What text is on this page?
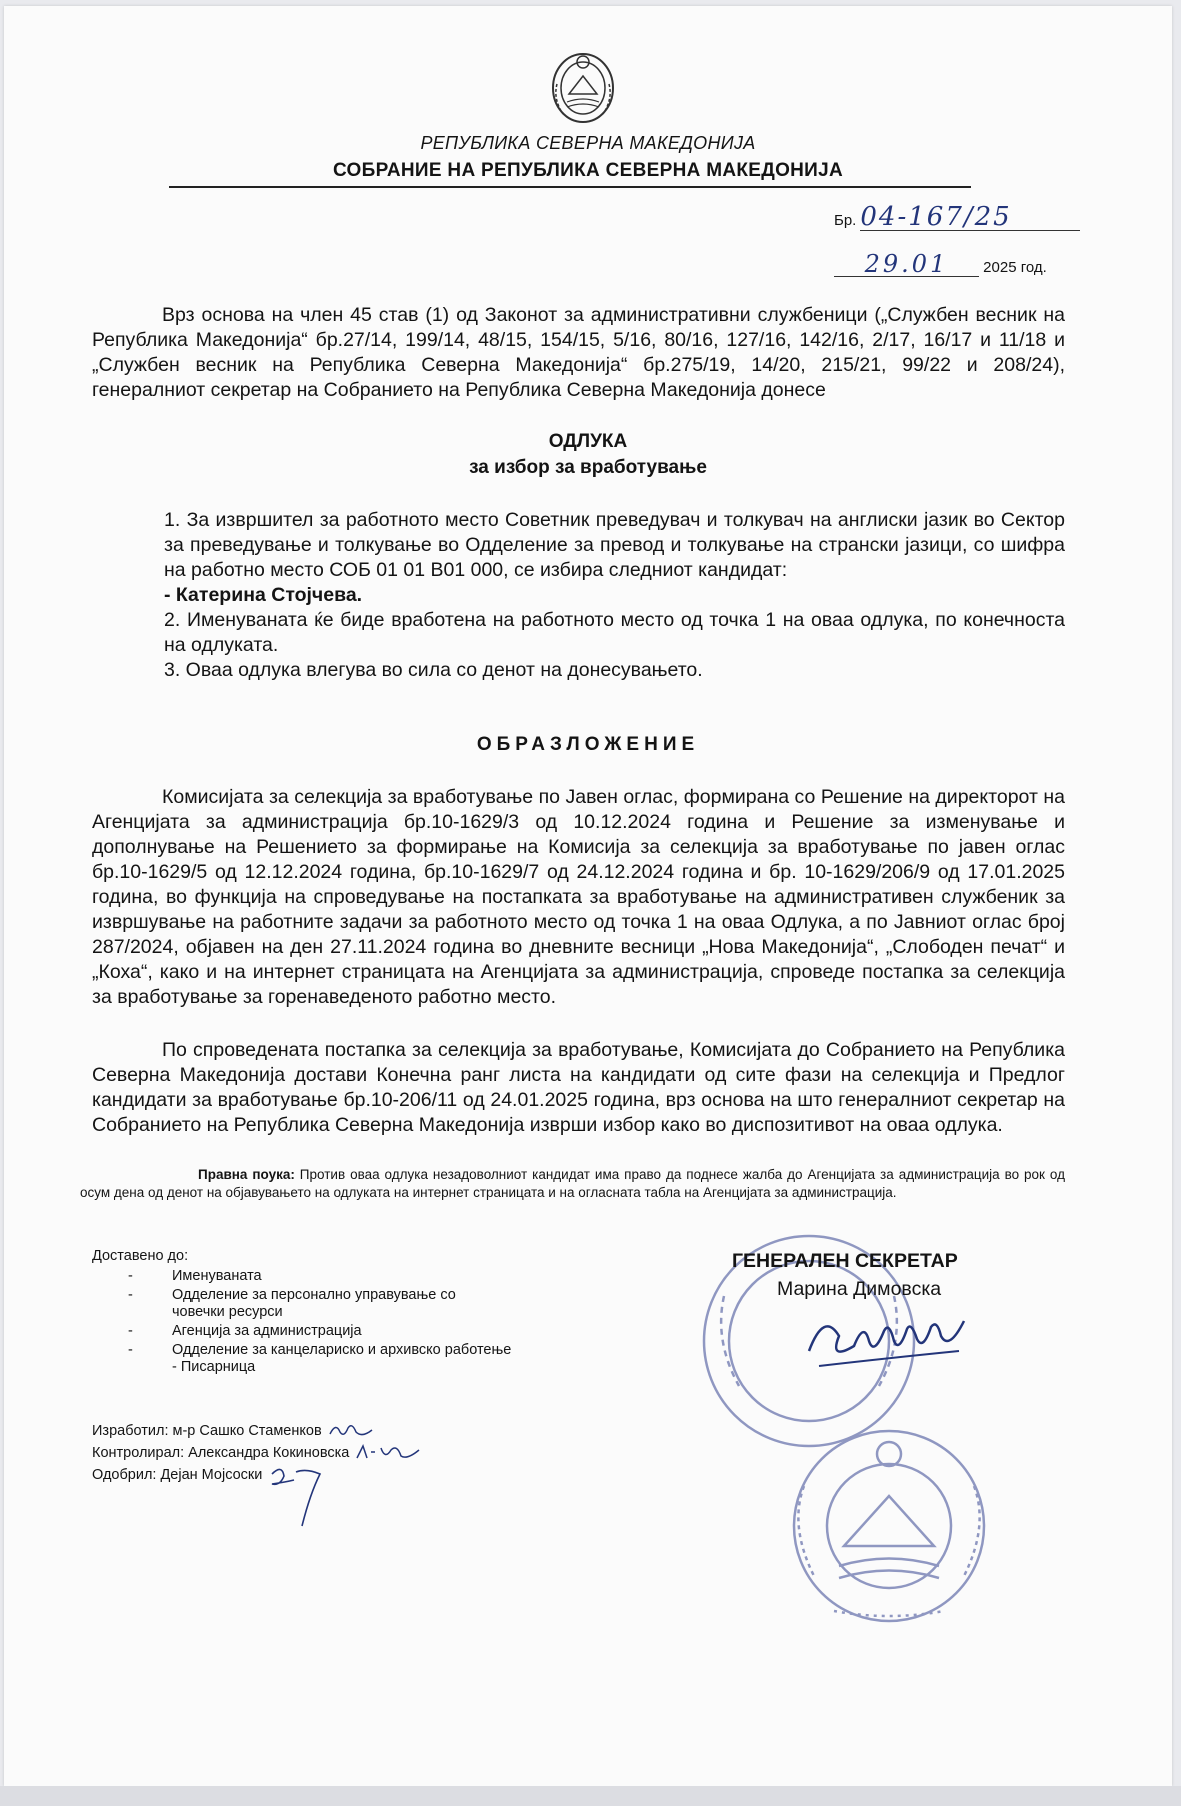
РЕПУБЛИКА СЕВЕРНА МАКЕДОНИЈА
СОБРАНИЕ НА РЕПУБЛИКА СЕВЕРНА МАКЕДОНИЈА
Бр. 04-167/25
29.01 2025 год.
Врз основа на член 45 став (1) од Законот за административни службеници („Службен весник на Република Македонија“ бр.27/14, 199/14, 48/15, 154/15, 5/16, 80/16, 127/16, 142/16, 2/17, 16/17 и 11/18 и „Службен весник на Република Северна Македонија“ бр.275/19, 14/20, 215/21, 99/22 и 208/24), генералниот секретар на Собранието на Република Северна Македонија донесе
ОДЛУКА
за избор за вработување

1. За извршител за работното место Советник преведувач и толкувач на англиски јазик во Сектор за преведување и толкување во Одделение за превод и толкување на странски јазици, со шифра на работно место СОБ 01 01 В01 000, се избира следниот кандидат:

- Катерина Стојчева.

2. Именуваната ќе биде вработена на работното место од точка 1 на оваа одлука, по конечноста на одлуката.

3. Оваа одлука влегува во сила со денот на донесувањето.

ОБРАЗЛОЖЕНИЕ
Комисијата за селекција за вработување по Јавен оглас, формирана со Решение на директорот на Агенцијата за администрација бр.10-1629/3 од 10.12.2024 година и Решение за изменување и дополнување на Решението за формирање на Комисија за селекција за вработување по јавен оглас бр.10-1629/5 од 12.12.2024 година, бр.10-1629/7 од 24.12.2024 година и бр. 10-1629/206/9 од 17.01.2025 година, во функција на спроведување на постапката за вработување на административен службеник за извршување на работните задачи за работното место од точка 1 на оваа Одлука, а по Јавниот оглас број 287/2024, објавен на ден 27.11.2024 година во дневните весници „Нова Македонија“, „Слободен печат“ и „Коха“, како и на интернет страницата на Агенцијата за администрација, спроведе постапка за селекција за вработување за горенаведеното работно место.
По спроведената постапка за селекција за вработување, Комисијата до Собранието на Република Северна Македонија достави Конечна ранг листа на кандидати од сите фази на селекција и Предлог кандидати за вработување бр.10-206/11 од 24.01.2025 година, врз основа на што генералниот секретар на Собранието на Република Северна Македонија изврши избор како во диспозитивот на оваа одлука.

Правна поука: Против оваа одлука незадоволниот кандидат има право да поднесе жалба до Агенцијата за администрација во рок од осум дена од денот на објавувањето на одлуката на интернет страницата и на огласната табла на Агенцијата за администрација.

Доставено до:
- Именуваната
- Одделение за персонално управување со човечки ресурси
- Агенција за администрација
- Одделение за канцелариско и архивско работење - Писарница
ГЕНЕРАЛЕН СЕКРЕТАР
Марина Димовска
Изработил: м-р Сашко Стаменков
Контролирал: Александра Кокиновска
Одобрил: Дејан Мојсоски
